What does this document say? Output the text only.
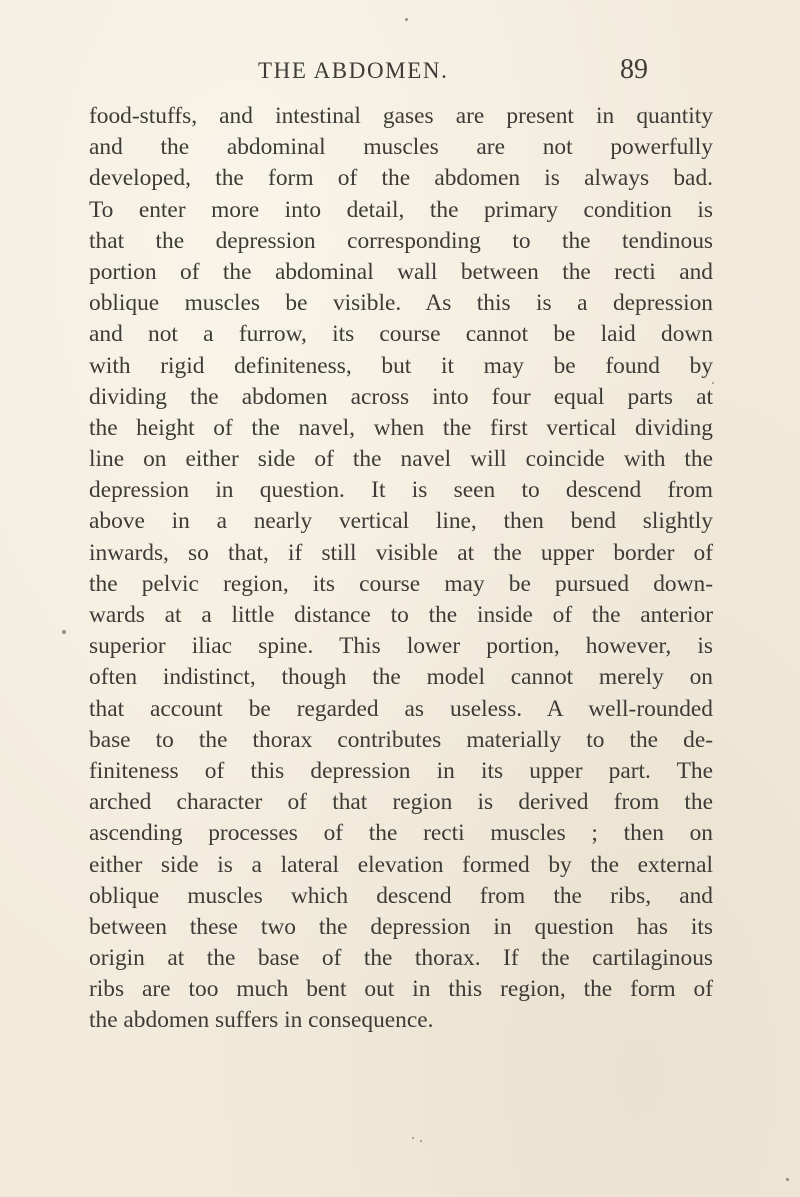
THE ABDOMEN.	89
food-stuffs, and intestinal gases are present in quantity
and the abdominal muscles are not powerfully
developed, the form of the abdomen is always bad.
To enter more into detail, the primary condition is
that the depression corresponding to the tendinous
portion of the abdominal wall between the recti and
oblique muscles be visible. As this is a depression
and not a furrow, its course cannot be laid down
with rigid definiteness, but it may be found by
dividing the abdomen across into four equal parts at
the height of the navel, when the first vertical dividing
line on either side of the navel will coincide with the
depression in question. It is seen to descend from
above in a nearly vertical line, then bend slightly
inwards, so that, if still visible at the upper border of
the pelvic region, its course may be pursued down-
wards at a little distance to the inside of the anterior
superior iliac spine. This lower portion, however, is
often indistinct, though the model cannot merely on
that account be regarded as useless. A well-rounded
base to the thorax contributes materially to the de-
finiteness of this depression in its upper part. The
arched character of that region is derived from the
ascending processes of the recti muscles ; then on
either side is a lateral elevation formed by the external
oblique muscles which descend from the ribs, and
between these two the depression in question has its
origin at the base of the thorax. If the cartilaginous
ribs are too much bent out in this region, the form of
the abdomen suffers in consequence.
